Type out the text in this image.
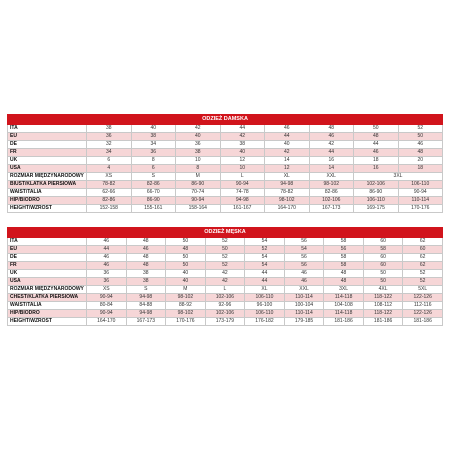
ODZIEŻ DAMSKA								
ITA	38	40	42	44	46	48	50	52
EU	36	38	40	42	44	46	48	50
DE	32	34	36	38	40	42	44	46
FR	34	36	38	40	42	44	46	48
UK	6	8	10	12	14	16	18	20
USA	4	6	8	10	12	14	16	18
ROZMIAR MIĘDZYNARODOWY	XS	S	M	L	XL	XXL	3XL	
BIUST/KLATKA PIERSIOWA	78-82	82-86	86-90	90-94	94-98	98-102	102-106	106-110
WAIST/TALIA	62-66	66-70	70-74	74-78	78-82	82-86	86-90	90-94
HIP/BIODRO	82-86	86-90	90-94	94-98	98-102	102-106	106-110	110-114
HEIGHT/WZROST	152-158	155-161	158-164	161-167	164-170	167-173	169-175	170-176
ODZIEŻ MĘSKA									
ITA	46	48	50	52	54	56	58	60	62
EU	44	46	48	50	52	54	56	58	60
DE	46	48	50	52	54	56	58	60	62
FR	46	48	50	52	54	56	58	60	62
UK	36	38	40	42	44	46	48	50	52
USA	36	38	40	42	44	46	48	50	52
ROZMIAR MIĘDZYNARODOWY	XS	S	M	L	XL	XXL	3XL	4XL	5XL
CHEST/KLATKA PIERSIOWA	90-94	94-98	98-102	102-106	106-110	110-114	114-118	118-122	122-126
WAIST/TALIA	80-84	84-88	88-92	92-96	96-100	100-104	104-108	108-112	112-116
HIP/BIODRO	90-94	94-98	98-102	102-106	106-110	110-114	114-118	118-122	122-126
HEIGHT/WZROST	164-170	167-173	170-176	173-179	176-182	179-185	181-186	181-186	181-186
